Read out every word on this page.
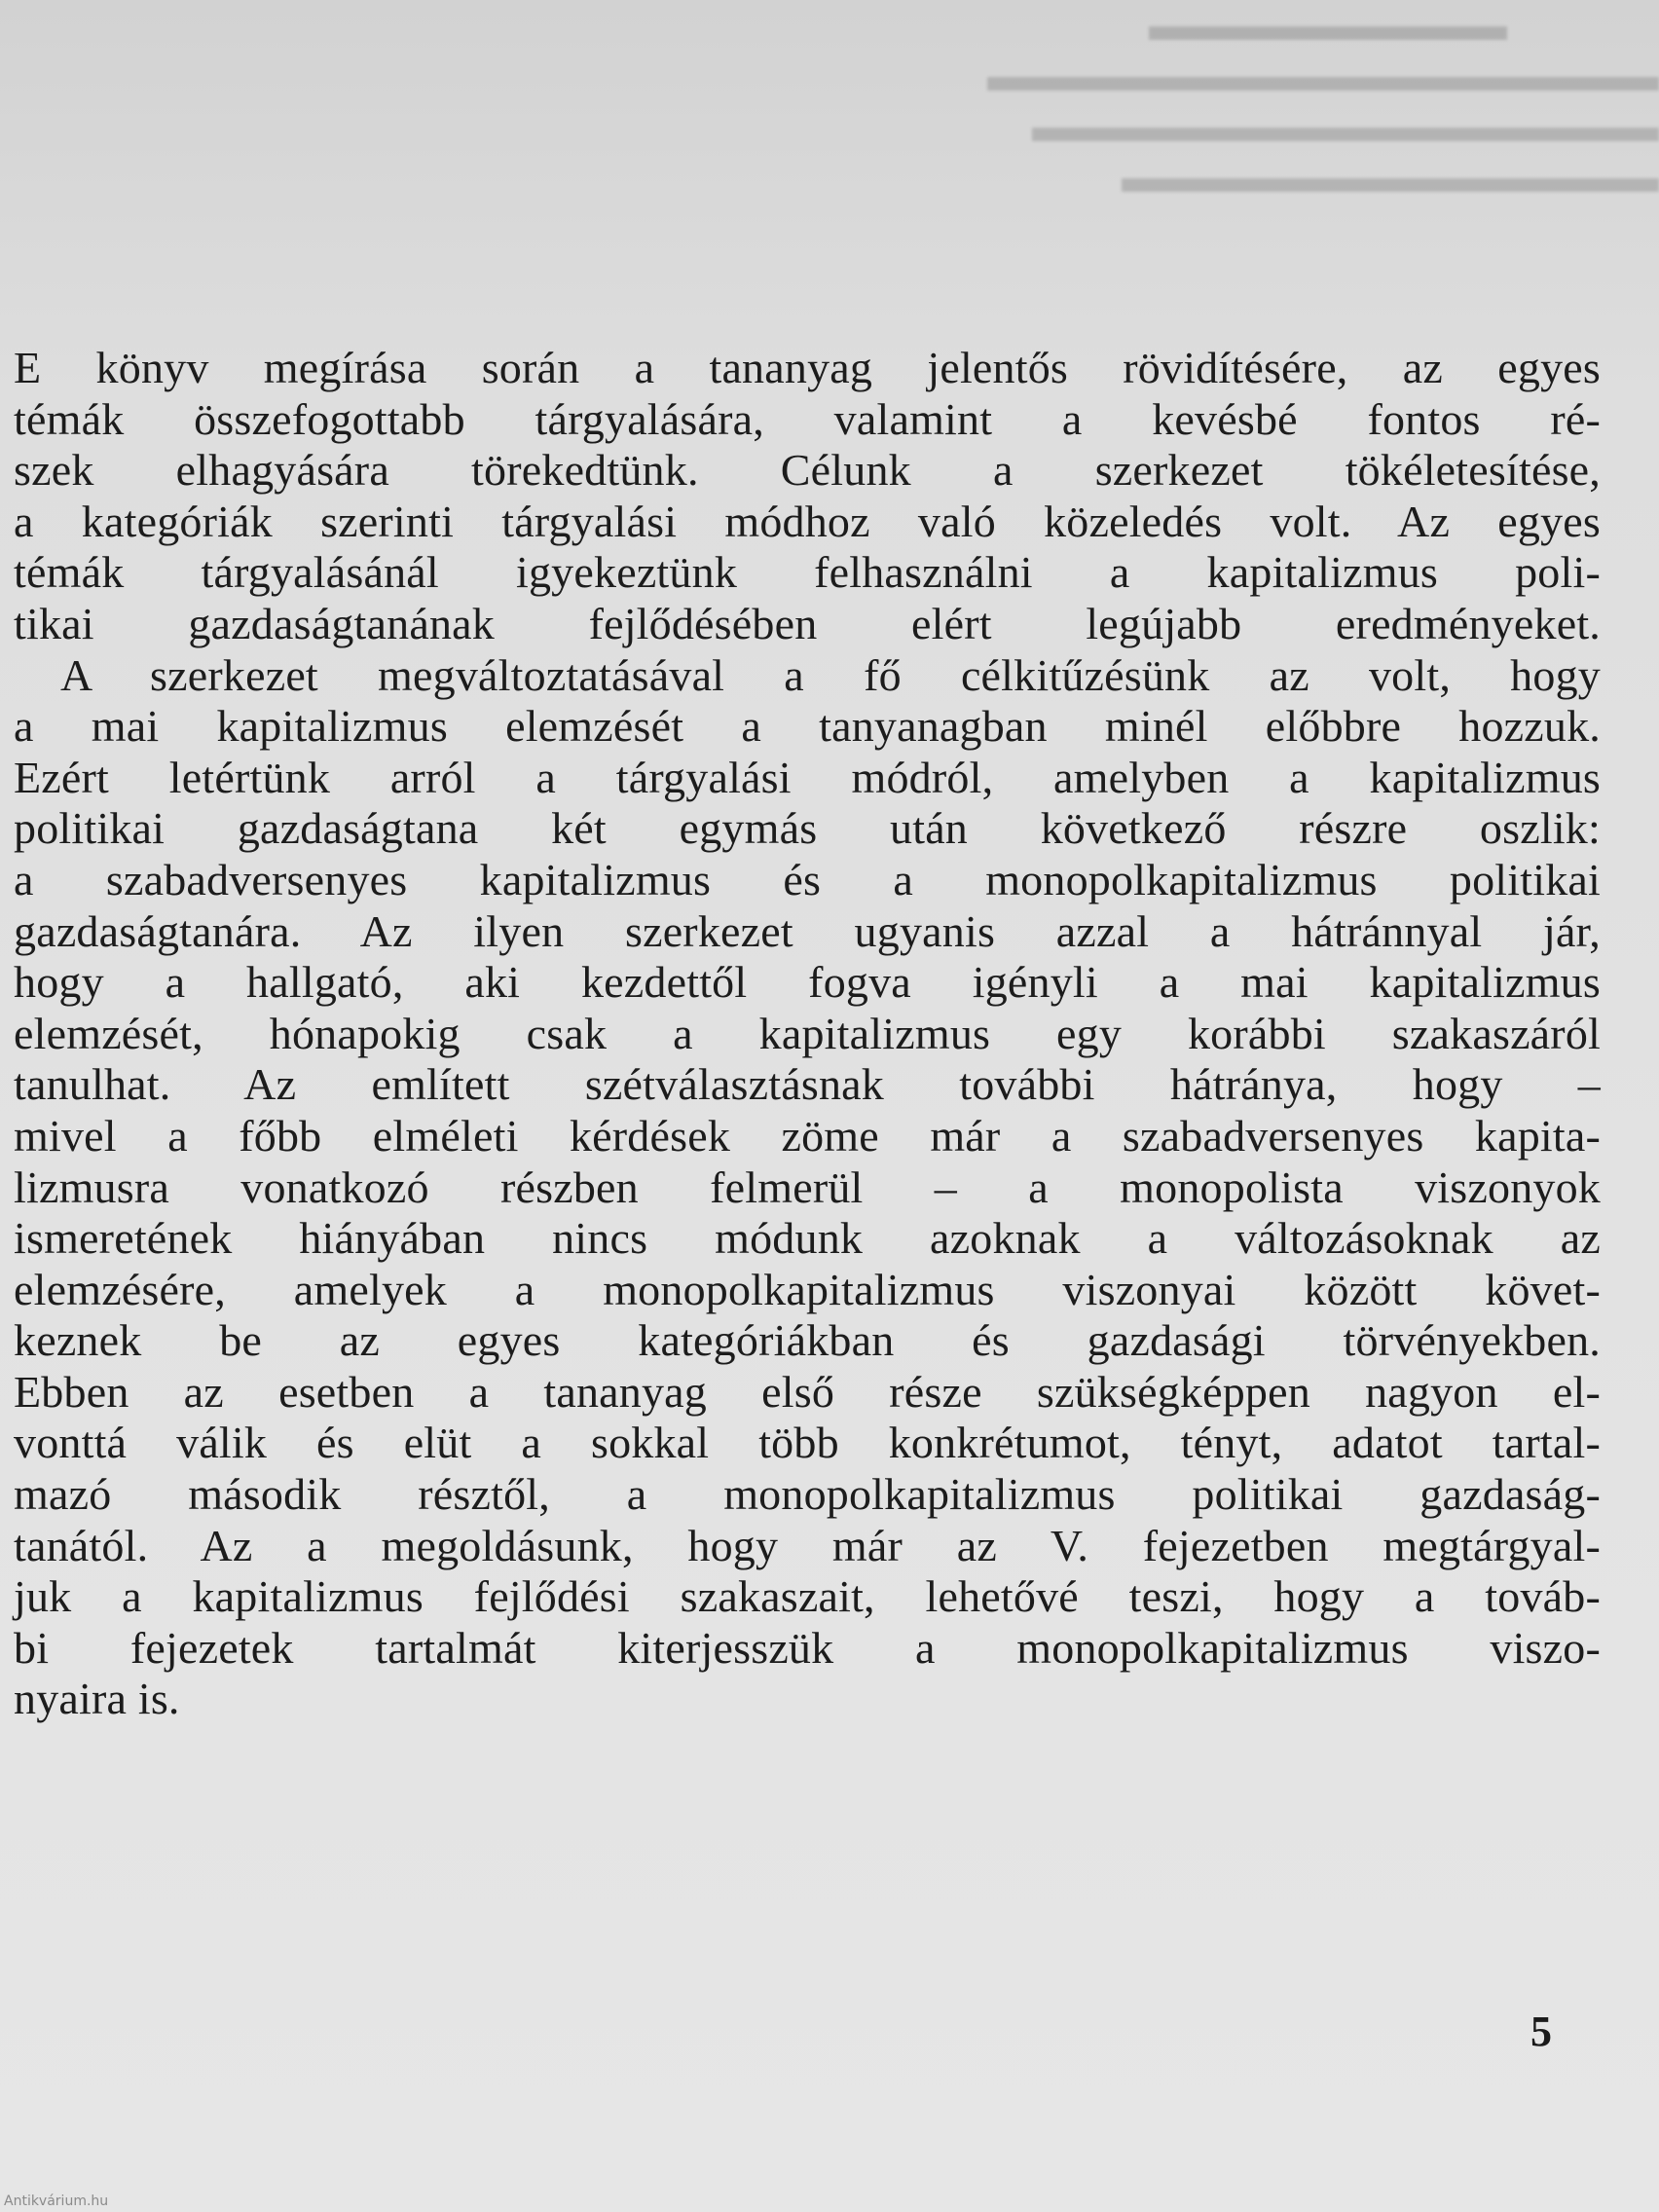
▬▬▬▬▬▬▬▬
▬▬▬▬▬▬▬▬▬▬▬▬▬▬▬
▬▬▬▬▬▬▬▬▬▬▬▬▬▬
▬▬▬▬▬▬▬▬▬▬▬▬
E könyv megírása során a tananyag jelentős rövidítésére, az egyes
témák összefogottabb tárgyalására, valamint a kevésbé fontos ré-
szek elhagyására törekedtünk. Célunk a szerkezet tökéletesítése,
a kategóriák szerinti tárgyalási módhoz való közeledés volt. Az egyes
témák tárgyalásánál igyekeztünk felhasználni a kapitalizmus poli-
tikai gazdaságtanának fejlődésében elért legújabb eredményeket.
A szerkezet megváltoztatásával a fő célkitűzésünk az volt, hogy
a mai kapitalizmus elemzését a tanyanagban minél előbbre hozzuk.
Ezért letértünk arról a tárgyalási módról, amelyben a kapitalizmus
politikai gazdaságtana két egymás után következő részre oszlik:
a szabadversenyes kapitalizmus és a monopolkapitalizmus politikai
gazdaságtanára. Az ilyen szerkezet ugyanis azzal a hátránnyal jár,
hogy a hallgató, aki kezdettől fogva igényli a mai kapitalizmus
elemzését, hónapokig csak a kapitalizmus egy korábbi szakaszáról
tanulhat. Az említett szétválasztásnak további hátránya, hogy –
mivel a főbb elméleti kérdések zöme már a szabadversenyes kapita-
lizmusra vonatkozó részben felmerül – a monopolista viszonyok
ismeretének hiányában nincs módunk azoknak a változásoknak az
elemzésére, amelyek a monopolkapitalizmus viszonyai között követ-
keznek be az egyes kategóriákban és gazdasági törvényekben.
Ebben az esetben a tananyag első része szükségképpen nagyon el-
vonttá válik és elüt a sokkal több konkrétumot, tényt, adatot tartal-
mazó második résztől, a monopolkapitalizmus politikai gazdaság-
tanától. Az a megoldásunk, hogy már az V. fejezetben megtárgyal-
juk a kapitalizmus fejlődési szakaszait, lehetővé teszi, hogy a továb-
bi fejezetek tartalmát kiterjesszük a monopolkapitalizmus viszo-
nyaira is.
5
Antikvárium.hu
